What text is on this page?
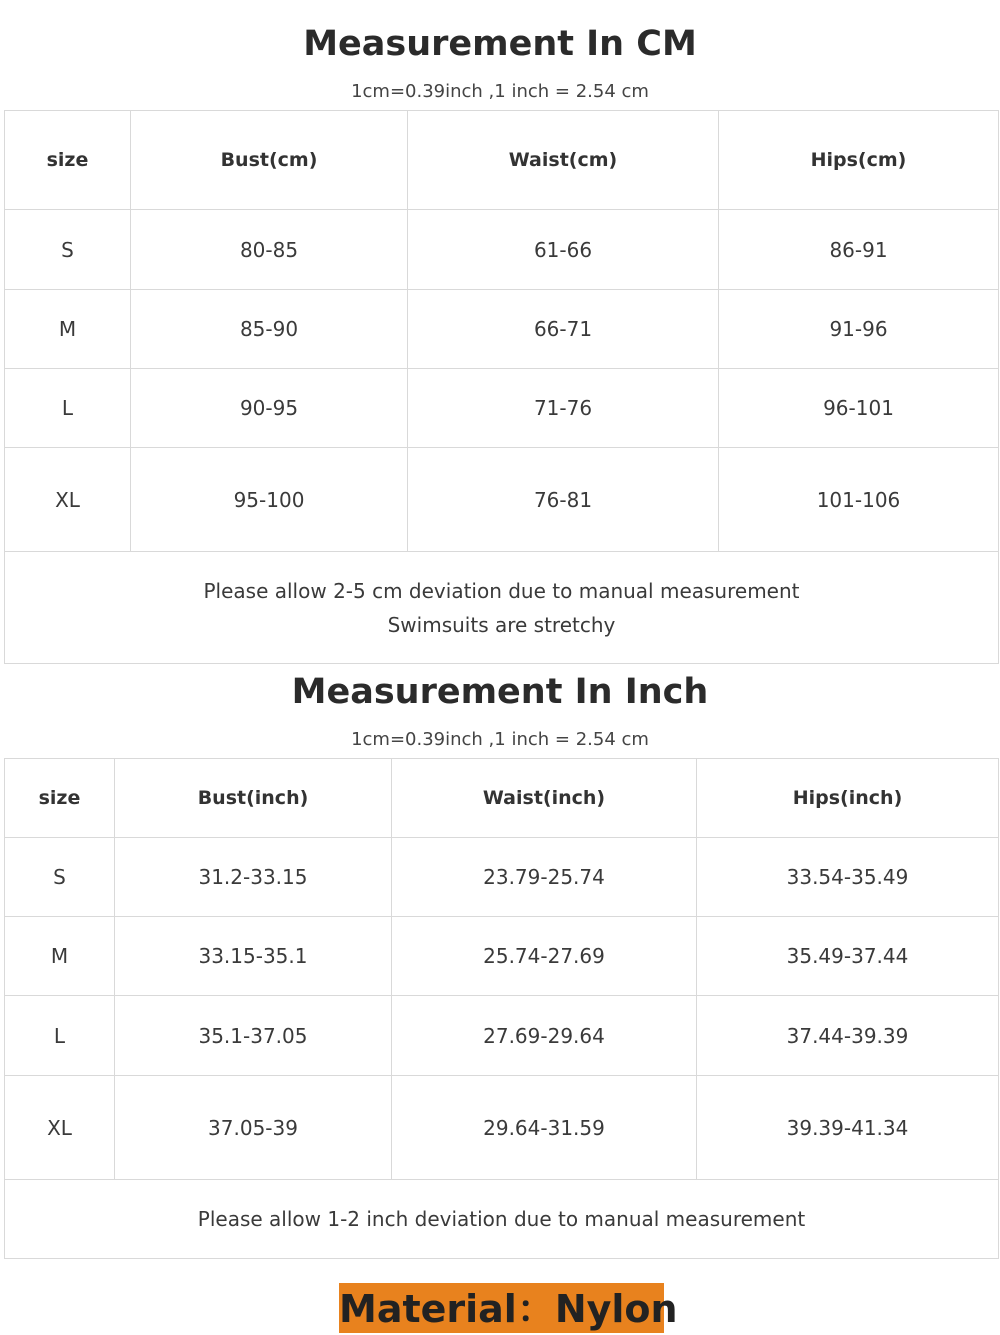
Measurement In CM
1cm=0.39inch ,1 inch = 2.54 cm
size	Bust(cm)	Waist(cm)	Hips(cm)
S	80-85	61-66	86-91
M	85-90	66-71	91-96
L	90-95	71-76	96-101
XL	95-100	76-81	101-106

Please allow 2-5 cm deviation due to manual measurement
Swimsuits are stretchy			
Measurement In Inch
1cm=0.39inch ,1 inch = 2.54 cm
size	Bust(inch)	Waist(inch)	Hips(inch)
S	31.2-33.15	23.79-25.74	33.54-35.49
M	33.15-35.1	25.74-27.69	35.49-37.44
L	35.1-37.05	27.69-29.64	37.44-39.39
XL	37.05-39	29.64-31.59	39.39-41.34

Please allow 1-2 inch deviation due to manual measurement			
Material：Nylon
